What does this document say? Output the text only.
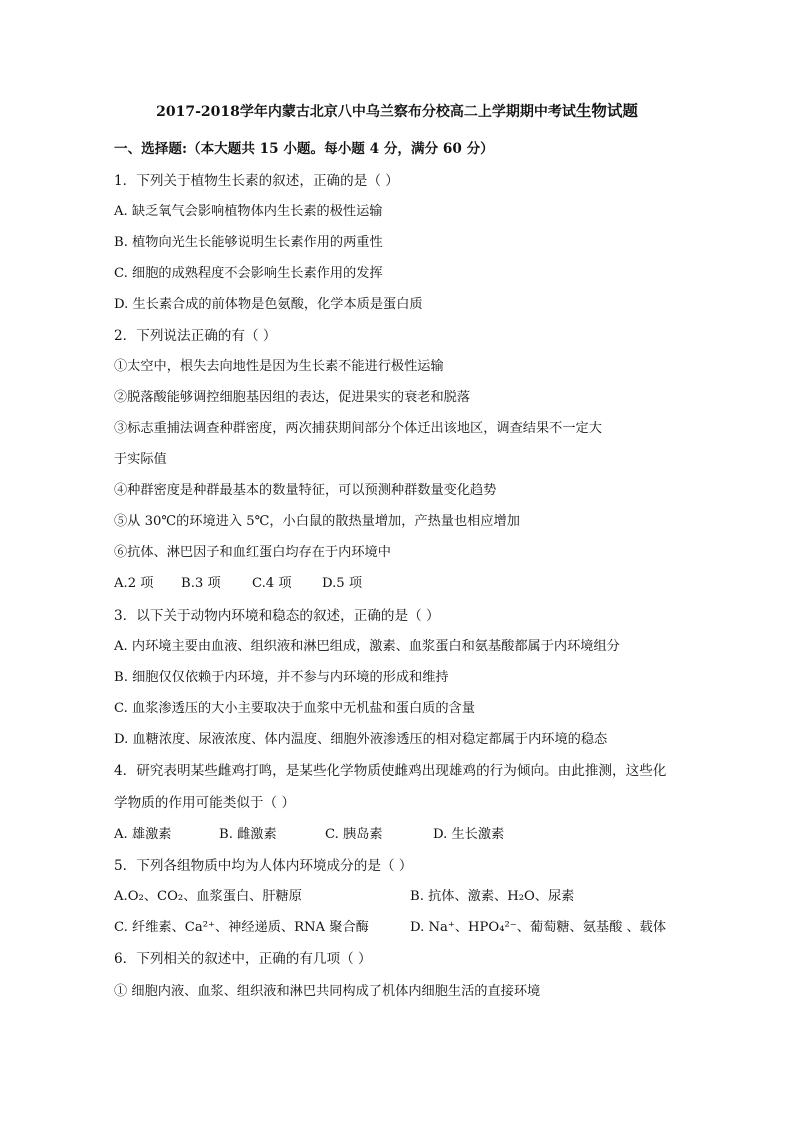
2017-2018学年内蒙古北京八中乌兰察布分校高二上学期期中考试生物试题
一、选择题:（本大题共 15 小题。每小题 4 分，满分 60 分）
1．下列关于植物生长素的叙述，正确的是（ ）
A. 缺乏氧气会影响植物体内生长素的极性运输
B. 植物向光生长能够说明生长素作用的两重性
C. 细胞的成熟程度不会影响生长素作用的发挥
D. 生长素合成的前体物是色氨酸，化学本质是蛋白质
2．下列说法正确的有（ ）
①太空中，根失去向地性是因为生长素不能进行极性运输
②脱落酸能够调控细胞基因组的表达，促进果实的衰老和脱落
③标志重捕法调查种群密度，两次捕获期间部分个体迁出该地区，调查结果不一定大
于实际值
④种群密度是种群最基本的数量特征，可以预测种群数量变化趋势
⑤从 30℃的环境进入 5℃，小白鼠的散热量增加，产热量也相应增加
⑥抗体、淋巴因子和血红蛋白均存在于内环境中
A.2 项 B.3 项 C.4 项 D.5 项
3．以下关于动物内环境和稳态的叙述，正确的是（ ）
A. 内环境主要由血液、组织液和淋巴组成，激素、血浆蛋白和氨基酸都属于内环境组分
B. 细胞仅仅依赖于内环境，并不参与内环境的形成和维持
C. 血浆渗透压的大小主要取决于血浆中无机盐和蛋白质的含量
D. 血糖浓度、尿液浓度、体内温度、细胞外液渗透压的相对稳定都属于内环境的稳态
4．研究表明某些雌鸡打鸣，是某些化学物质使雌鸡出现雄鸡的行为倾向。由此推测，这些化
学物质的作用可能类似于（ ）
A. 雄激素	B. 雌激素	C. 胰岛素	D. 生长激素
5．下列各组物质中均为人体内环境成分的是（ ）
A.O₂、CO₂、血浆蛋白、肝糖原	B. 抗体、激素、H₂O、尿素
C. 纤维素、Ca²⁺、神经递质、RNA 聚合酶	D. Na⁺、HPO₄²⁻、葡萄糖、氨基酸 、载体
6．下列相关的叙述中，正确的有几项（ ）
① 细胞内液、血浆、组织液和淋巴共同构成了机体内细胞生活的直接环境
